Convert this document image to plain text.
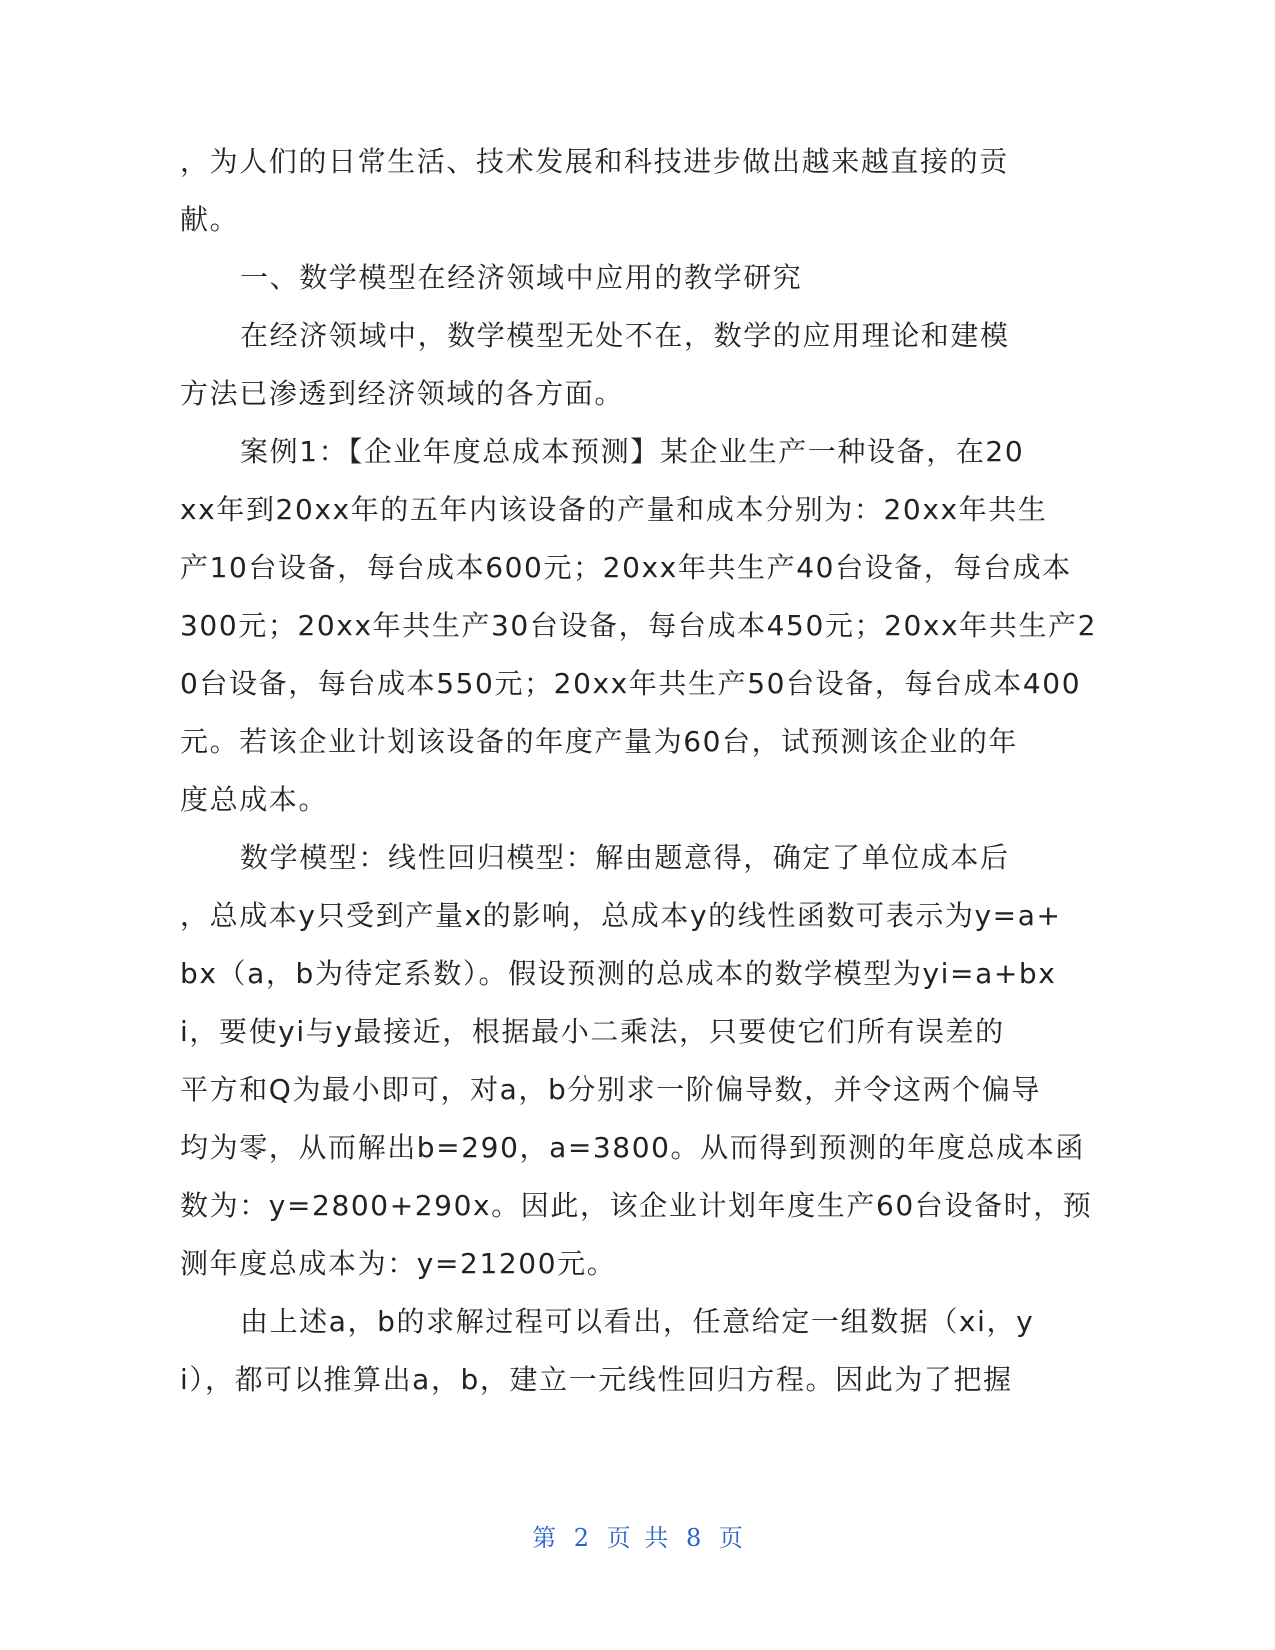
，为人们的日常生活、技术发展和科技进步做出越来越直接的贡
献。
一、数学模型在经济领域中应用的教学研究
在经济领域中，数学模型无处不在，数学的应用理论和建模
方法已渗透到经济领域的各方面。
案例1：【企业年度总成本预测】某企业生产一种设备，在20
xx年到20xx年的五年内该设备的产量和成本分别为：20xx年共生
产10台设备，每台成本600元；20xx年共生产40台设备，每台成本
300元；20xx年共生产30台设备，每台成本450元；20xx年共生产2
0台设备，每台成本550元；20xx年共生产50台设备，每台成本400
元。若该企业计划该设备的年度产量为60台，试预测该企业的年
度总成本。
数学模型：线性回归模型：解由题意得，确定了单位成本后
，总成本y只受到产量x的影响，总成本y的线性函数可表示为y=a+
bx（a，b为待定系数）。假设预测的总成本的数学模型为yi=a+bx
i，要使yi与y最接近，根据最小二乘法，只要使它们所有误差的
平方和Q为最小即可，对a，b分别求一阶偏导数，并令这两个偏导
均为零，从而解出b=290，a=3800。从而得到预测的年度总成本函
数为：y=2800+290x。因此，该企业计划年度生产60台设备时，预
测年度总成本为：y=21200元。
由上述a，b的求解过程可以看出，任意给定一组数据（xi，y
i），都可以推算出a，b，建立一元线性回归方程。因此为了把握
第 2 页 共 8 页
